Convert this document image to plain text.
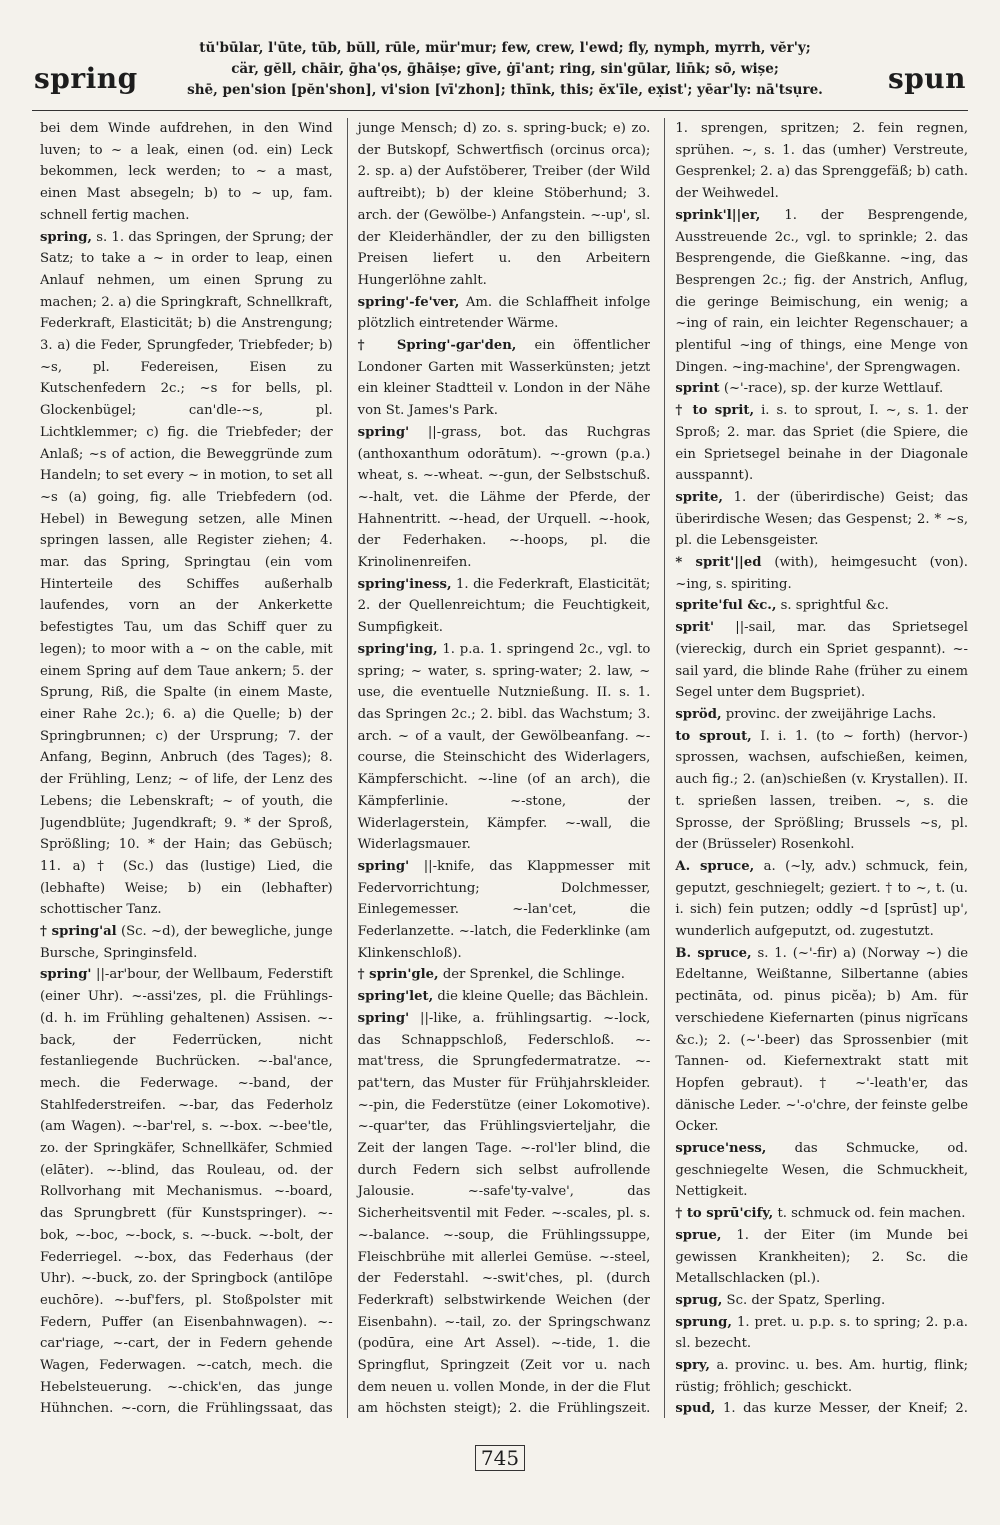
spring
tŭ'būlar, l'ūte, tūb, bŭll, rūle, mür'mur; few, crew, l'ewd; fl̄y, nymph, myrrh, vĕr'y;
cär, gĕll, chāir, ḡha'ọs, ḡhāișe; gīve, ġī'ant; ring, sin'gūlar, lin̄k; sō, wișe;
shē, pen'sion [pĕn'shon], vi'sion [vī'zhon]; thīnk, this; ĕx'īle, ex̣ist'; yēar'ly: nā'tsụre. spun

bei dem Winde aufdrehen, in den Wind luven; to ~ a leak, einen (od. ein) Leck bekommen, leck werden; to ~ a mast, einen Mast absegeln; b) to ~ up, fam. schnell fertig machen.

spring, s. 1. das Springen, der Sprung; der Satz; to take a ~ in order to leap, einen Anlauf nehmen, um einen Sprung zu machen; 2. a) die Springkraft, Schnellkraft, Federkraft, Elasticität; b) die Anstrengung; 3. a) die Feder, Sprungfeder, Triebfeder; b) ~s, pl. Federeisen, Eisen zu Kutschenfedern 2c.; ~s for bells, pl. Glockenbügel; can'dle-~s, pl. Lichtklemmer; c) fig. die Triebfeder; der Anlaß; ~s of action, die Beweggründe zum Handeln; to set every ~ in motion, to set all ~s (a) going, fig. alle Triebfedern (od. Hebel) in Bewegung setzen, alle Minen springen lassen, alle Register ziehen; 4. mar. das Spring, Springtau (ein vom Hinterteile des Schiffes außerhalb laufendes, vorn an der Ankerkette befestigtes Tau, um das Schiff quer zu legen); to moor with a ~ on the cable, mit einem Spring auf dem Taue ankern; 5. der Sprung, Riß, die Spalte (in einem Maste, einer Rahe 2c.); 6. a) die Quelle; b) der Springbrunnen; c) der Ursprung; 7. der Anfang, Beginn, Anbruch (des Tages); 8. der Frühling, Lenz; ~ of life, der Lenz des Lebens; die Lebenskraft; ~ of youth, die Jugendblüte; Jugendkraft; 9. * der Sproß, Sprößling; 10. * der Hain; das Gebüsch; 11. a) † (Sc.) das (lustige) Lied, die (lebhafte) Weise; b) ein (lebhafter) schottischer Tanz.

† spring'al (Sc. ~d), der bewegliche, junge Bursche, Springinsfeld.

spring' ||-ar'bour, der Wellbaum, Federstift (einer Uhr). ~-assi'zes, pl. die Frühlings- (d. h. im Frühling gehaltenen) Assisen. ~-back, der Federrücken, nicht festanliegende Buchrücken. ~-bal'ance, mech. die Federwage. ~-band, der Stahlfederstreifen. ~-bar, das Federholz (am Wagen). ~-bar'rel, s. ~-box. ~-bee'tle, zo. der Springkäfer, Schnellkäfer, Schmied (elāter). ~-blind, das Rouleau, od. der Rollvorhang mit Mechanismus. ~-board, das Sprungbrett (für Kunstspringer). ~-bok, ~-boc, ~-bock, s. ~-buck. ~-bolt, der Federriegel. ~-box, das Federhaus (der Uhr). ~-buck, zo. der Springbock (antilōpe euchōre). ~-buf'fers, pl. Stoßpolster mit Federn, Puffer (an Eisenbahnwagen). ~-car'riage, ~-cart, der in Federn gehende Wagen, Federwagen. ~-catch, mech. die Hebelsteuerung. ~-chick'en, das junge Hühnchen. ~-corn, die Frühlingssaat, das

junge Mensch; d) zo. s. spring-buck; e) zo. der Butskopf, Schwertfisch (orcinus orca); 2. sp. a) der Aufstöberer, Treiber (der Wild auftreibt); b) der kleine Stöberhund; 3. arch. der (Gewölbe-) Anfangstein. ~-up', sl. der Kleiderhändler, der zu den billigsten Preisen liefert u. den Arbeitern Hungerlöhne zahlt.

spring'-fe'ver, Am. die Schlaffheit infolge plötzlich eintretender Wärme.

† Spring'-gar'den, ein öffentlicher Londoner Garten mit Wasserkünsten; jetzt ein kleiner Stadtteil v. London in der Nähe von St. James's Park.

spring' ||-grass, bot. das Ruchgras (anthoxanthum odorātum). ~-grown (p.a.) wheat, s. ~-wheat. ~-gun, der Selbstschuß. ~-halt, vet. die Lähme der Pferde, der Hahnentritt. ~-head, der Urquell. ~-hook, der Federhaken. ~-hoops, pl. die Krinolinenreifen.

spring'iness, 1. die Federkraft, Elasticität; 2. der Quellenreichtum; die Feuchtigkeit, Sumpfigkeit.

spring'ing, 1. p.a. 1. springend 2c., vgl. to spring; ~ water, s. spring-water; 2. law, ~ use, die eventuelle Nutznießung. II. s. 1. das Springen 2c.; 2. bibl. das Wachstum; 3. arch. ~ of a vault, der Gewölbeanfang. ~-course, die Steinschicht des Widerlagers, Kämpferschicht. ~-line (of an arch), die Kämpferlinie. ~-stone, der Widerlagerstein, Kämpfer. ~-wall, die Widerlagsmauer.

spring' ||-knife, das Klappmesser mit Federvorrichtung; Dolchmesser, Einlegemesser. ~-lan'cet, die Federlanzette. ~-latch, die Federklinke (am Klinkenschloß).

† sprin'gle, der Sprenkel, die Schlinge.

spring'let, die kleine Quelle; das Bächlein.

spring' ||-like, a. frühlingsartig. ~-lock, das Schnappschloß, Federschloß. ~-mat'tress, die Sprungfedermatratze. ~-pat'tern, das Muster für Frühjahrskleider. ~-pin, die Federstütze (einer Lokomotive). ~-quar'ter, das Frühlingsvierteljahr, die Zeit der langen Tage. ~-rol'ler blind, die durch Federn sich selbst aufrollende Jalousie. ~-safe'ty-valve', das Sicherheitsventil mit Feder. ~-scales, pl. s. ~-balance. ~-soup, die Frühlingssuppe, Fleischbrühe mit allerlei Gemüse. ~-steel, der Federstahl. ~-swit'ches, pl. (durch Federkraft) selbstwirkende Weichen (der Eisenbahn). ~-tail, zo. der Springschwanz (podūra, eine Art Assel). ~-tide, 1. die Springflut, Springzeit (Zeit vor u. nach dem neuen u. vollen Monde, in der die Flut am höchsten steigt); 2. die Frühlingszeit.

1. sprengen, spritzen; 2. fein regnen, sprühen. ~, s. 1. das (umher) Verstreute, Gesprenkel; 2. a) das Sprenggefäß; b) cath. der Weihwedel.

sprink'l||er, 1. der Besprengende, Ausstreuende 2c., vgl. to sprinkle; 2. das Besprengende, die Gießkanne. ~ing, das Besprengen 2c.; fig. der Anstrich, Anflug, die geringe Beimischung, ein wenig; a ~ing of rain, ein leichter Regenschauer; a plentiful ~ing of things, eine Menge von Dingen. ~ing-machine', der Sprengwagen.

sprint (~'-race), sp. der kurze Wettlauf.

† to sprit, i. s. to sprout, I. ~, s. 1. der Sproß; 2. mar. das Spriet (die Spiere, die ein Sprietsegel beinahe in der Diagonale ausspannt).

sprite, 1. der (überirdische) Geist; das überirdische Wesen; das Gespenst; 2. * ~s, pl. die Lebensgeister.

* sprit'||ed (with), heimgesucht (von). ~ing, s. spiriting.

sprite'ful &c., s. sprightful &c.

sprit' ||-sail, mar. das Sprietsegel (viereckig, durch ein Spriet gespannt). ~-sail yard, die blinde Rahe (früher zu einem Segel unter dem Bugspriet).

spröd, provinc. der zweijährige Lachs.

to sprout, I. i. 1. (to ~ forth) (hervor-) sprossen, wachsen, aufschießen, keimen, auch fig.; 2. (an)schießen (v. Krystallen). II. t. sprießen lassen, treiben. ~, s. die Sprosse, der Sprößling; Brussels ~s, pl. der (Brüsseler) Rosenkohl.

A. spruce, a. (~ly, adv.) schmuck, fein, geputzt, geschniegelt; geziert. † to ~, t. (u. i. sich) fein putzen; oddly ~d [sprūst] up', wunderlich aufgeputzt, od. zugestutzt.

B. spruce, s. 1. (~'-fir) a) (Norway ~) die Edeltanne, Weißtanne, Silbertanne (abies pectināta, od. pinus picĕa); b) Am. für verschiedene Kiefernarten (pinus nigrĭcans &c.); 2. (~'-beer) das Sprossenbier (mit Tannen- od. Kiefernextrakt statt mit Hopfen gebraut). † ~'-leath'er, das dänische Leder. ~'-o'chre, der feinste gelbe Ocker.

spruce'ness, das Schmucke, od. geschniegelte Wesen, die Schmuckheit, Nettigkeit.

† to sprū'cify, t. schmuck od. fein machen.

sprue, 1. der Eiter (im Munde bei gewissen Krankheiten); 2. Sc. die Metallschlacken (pl.).

sprug, Sc. der Spatz, Sperling.

sprung, 1. pret. u. p.p. s. to spring; 2. p.a. sl. bezecht.

spry, a. provinc. u. bes. Am. hurtig, flink; rüstig; fröhlich; geschickt.

spud, 1. das kurze Messer, der Kneif; 2.

745
